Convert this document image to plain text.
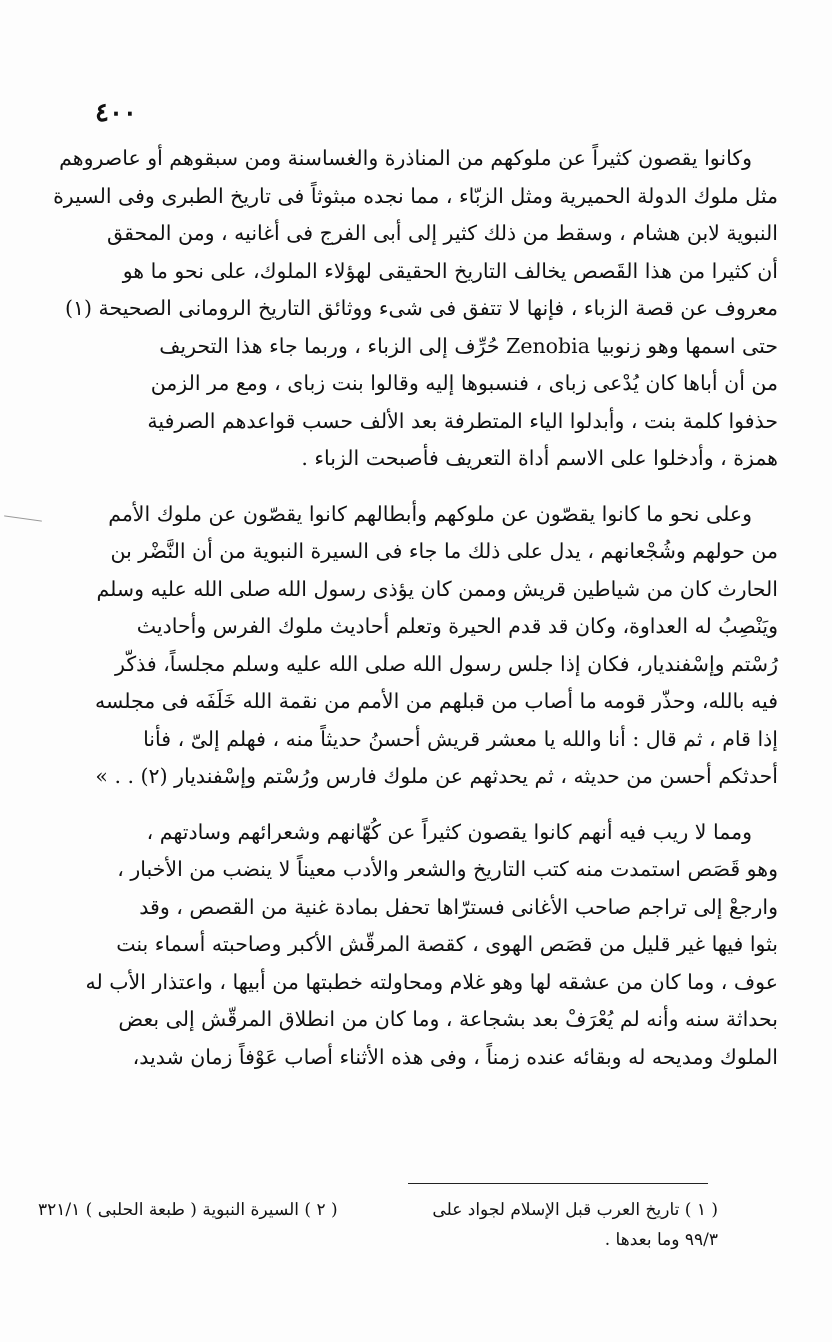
٤٠٠

وكانوا يقصون كثيراً عن ملوكهم من المناذرة والغساسنة ومن سبقوهم أو عاصروهم

مثل ملوك الدولة الحميرية ومثل الزبّاء ، مما نجده مبثوثاً فى تاريخ الطبرى وفى السيرة

النبوية لابن هشام ، وسقط من ذلك كثير إلى أبى الفرج فى أغانيه ، ومن المحقق

أن كثيرا من هذا القَصص يخالف التاريخ الحقيقى لهؤلاء الملوك، على نحو ما هو

معروف عن قصة الزباء ، فإنها لا تتفق فى شىء ووثائق التاريخ الرومانى الصحيحة (١)

حتى اسمها وهو زنوبيا Zenobia حُرِّف إلى الزباء ، وربما جاء هذا التحريف

من أن أباها كان يُدْعى زباى ، فنسبوها إليه وقالوا بنت زباى ، ومع مر الزمن

حذفوا كلمة بنت ، وأبدلوا الياء المتطرفة بعد الألف حسب قواعدهم الصرفية

همزة ، وأدخلوا على الاسم أداة التعريف فأصبحت الزباء .

وعلى نحو ما كانوا يقصّون عن ملوكهم وأبطالهم كانوا يقصّون عن ملوك الأمم

من حولهم وشُجْعانهم ، يدل على ذلك ما جاء فى السيرة النبوية من أن النَّضْر بن

الحارث كان من شياطين قريش وممن كان يؤذى رسول الله صلى الله عليه وسلم

ويَنْصِبُ له العداوة، وكان قد قدم الحيرة وتعلم أحاديث ملوك الفرس وأحاديث

رُسْتم وإسْفنديار، فكان إذا جلس رسول الله صلى الله عليه وسلم مجلساً، فذكّر

فيه بالله، وحذّر قومه ما أصاب من قبلهم من الأمم من نقمة الله خَلَفَه فى مجلسه

إذا قام ، ثم قال : أنا والله يا معشر قريش أحسنُ حديثاً منه ، فهلم إلىّ ، فأنا

أحدثكم أحسن من حديثه ، ثم يحدثهم عن ملوك فارس ورُسْتم وإسْفنديار (٢) . . »

ومما لا ريب فيه أنهم كانوا يقصون كثيراً عن كُهّانهم وشعرائهم وسادتهم ،

وهو قَصَص استمدت منه كتب التاريخ والشعر والأدب معيناً لا ينضب من الأخبار ،

وارجعْ إلى تراجم صاحب الأغانى فسترّاها تحفل بمادة غنية من القصص ، وقد

بثوا فيها غير قليل من قصَص الهوى ، كقصة المرقّش الأكبر وصاحبته أسماء بنت

عوف ، وما كان من عشقه لها وهو غلام ومحاولته خطبتها من أبيها ، واعتذار الأب له

بحداثة سنه وأنه لم يُعْرَفْ بعد بشجاعة ، وما كان من انطلاق المرقّش إلى بعض

الملوك ومديحه له وبقائه عنده زمناً ، وفى هذه الأثناء أصاب عَوْفاً زمان شديد،

( ١ ) تاريخ العرب قبل الإسلام لجواد على
( ٢ ) السيرة النبوية ( طبعة الحلبى ) ٣٢١/١
٩٩/٣ وما بعدها .
